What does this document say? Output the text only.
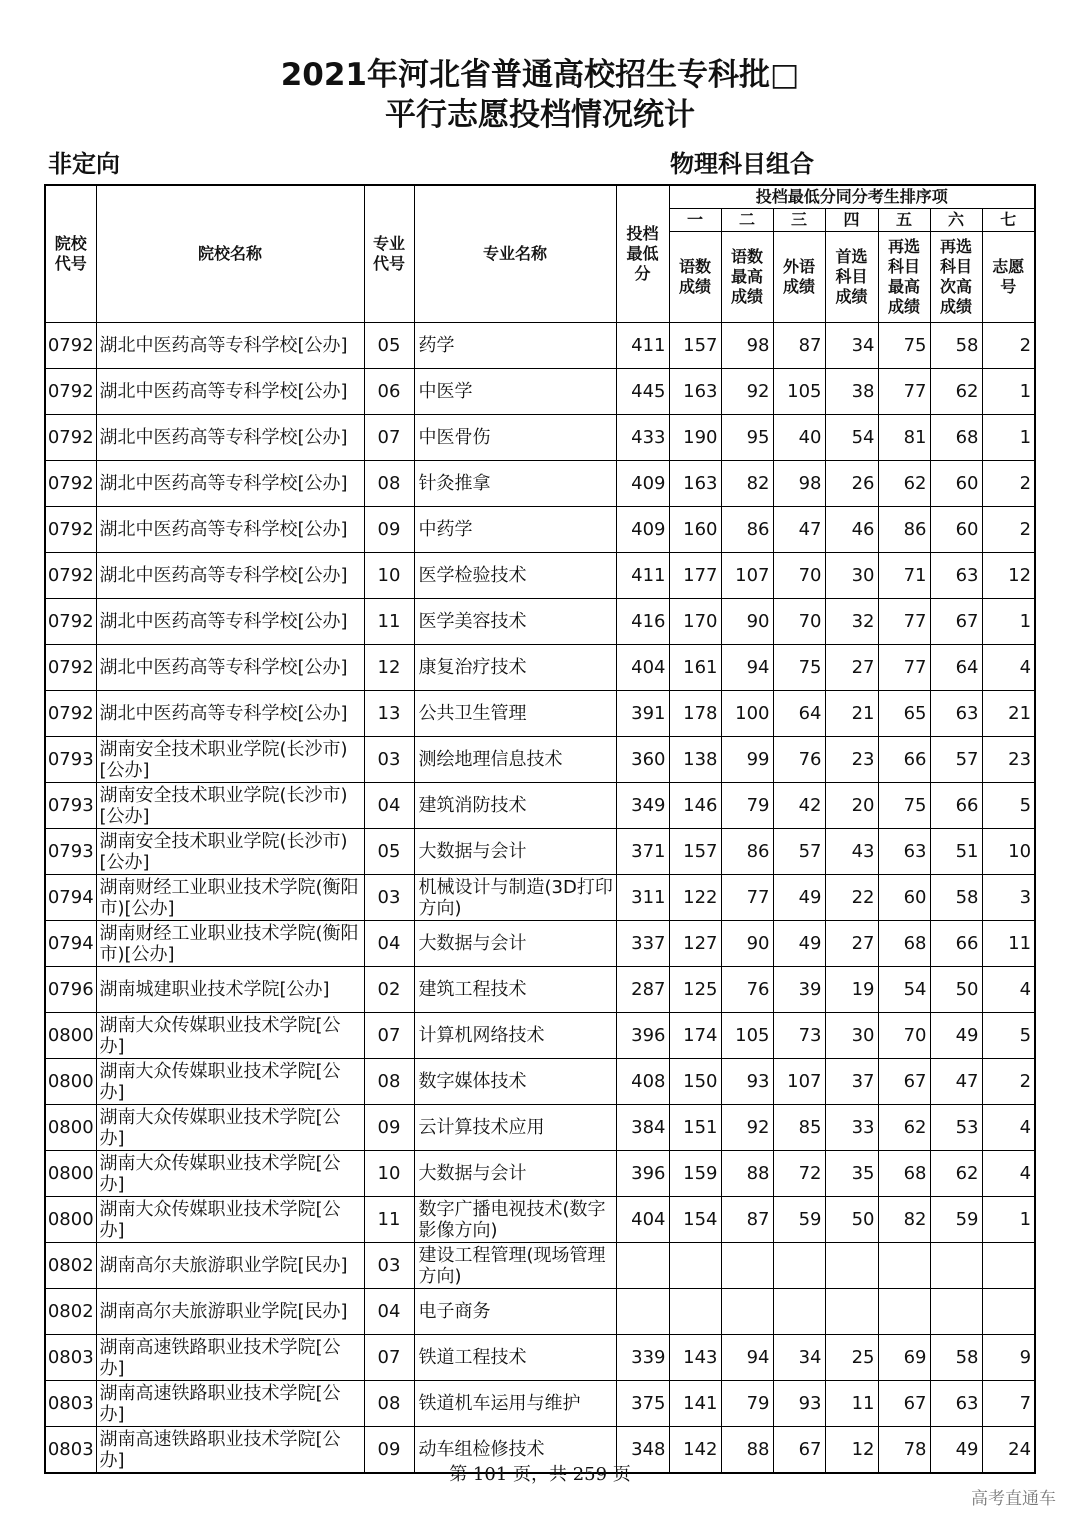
2021年河北省普通高校招生专科批□
平行志愿投档情况统计
非定向	物理科目组合
院校代号	院校名称	专业代号	专业名称	投档最低分	投档最低分同分考生排序项						
					一	二	三	四	五	六	七
					语数成绩	语数最高成绩	外语成绩	首选科目成绩	再选科目最高成绩	再选科目次高成绩	志愿号
0792	湖北中医药高等专科学校[公办]	05	药学	411	157	98	87	34	75	58	2
0792	湖北中医药高等专科学校[公办]	06	中医学	445	163	92	105	38	77	62	1
0792	湖北中医药高等专科学校[公办]	07	中医骨伤	433	190	95	40	54	81	68	1
0792	湖北中医药高等专科学校[公办]	08	针灸推拿	409	163	82	98	26	62	60	2
0792	湖北中医药高等专科学校[公办]	09	中药学	409	160	86	47	46	86	60	2
0792	湖北中医药高等专科学校[公办]	10	医学检验技术	411	177	107	70	30	71	63	12
0792	湖北中医药高等专科学校[公办]	11	医学美容技术	416	170	90	70	32	77	67	1
0792	湖北中医药高等专科学校[公办]	12	康复治疗技术	404	161	94	75	27	77	64	4
0792	湖北中医药高等专科学校[公办]	13	公共卫生管理	391	178	100	64	21	65	63	21
0793	湖南安全技术职业学院(长沙市)[公办]	03	测绘地理信息技术	360	138	99	76	23	66	57	23
0793	湖南安全技术职业学院(长沙市)[公办]	04	建筑消防技术	349	146	79	42	20	75	66	5
0793	湖南安全技术职业学院(长沙市)[公办]	05	大数据与会计	371	157	86	57	43	63	51	10
0794	湖南财经工业职业技术学院(衡阳市)[公办]	03	机械设计与制造(3D打印方向)	311	122	77	49	22	60	58	3
0794	湖南财经工业职业技术学院(衡阳市)[公办]	04	大数据与会计	337	127	90	49	27	68	66	11
0796	湖南城建职业技术学院[公办]	02	建筑工程技术	287	125	76	39	19	54	50	4
0800	湖南大众传媒职业技术学院[公办]	07	计算机网络技术	396	174	105	73	30	70	49	5
0800	湖南大众传媒职业技术学院[公办]	08	数字媒体技术	408	150	93	107	37	67	47	2
0800	湖南大众传媒职业技术学院[公办]	09	云计算技术应用	384	151	92	85	33	62	53	4
0800	湖南大众传媒职业技术学院[公办]	10	大数据与会计	396	159	88	72	35	68	62	4
0800	湖南大众传媒职业技术学院[公办]	11	数字广播电视技术(数字影像方向)	404	154	87	59	50	82	59	1
0802	湖南高尔夫旅游职业学院[民办]	03	建设工程管理(现场管理方向)								
0802	湖南高尔夫旅游职业学院[民办]	04	电子商务								
0803	湖南高速铁路职业技术学院[公办]	07	铁道工程技术	339	143	94	34	25	69	58	9
0803	湖南高速铁路职业技术学院[公办]	08	铁道机车运用与维护	375	141	79	93	11	67	63	7
0803	湖南高速铁路职业技术学院[公办]	09	动车组检修技术	348	142	88	67	12	78	49	24
第 101 页，共 259 页
高考直通车
